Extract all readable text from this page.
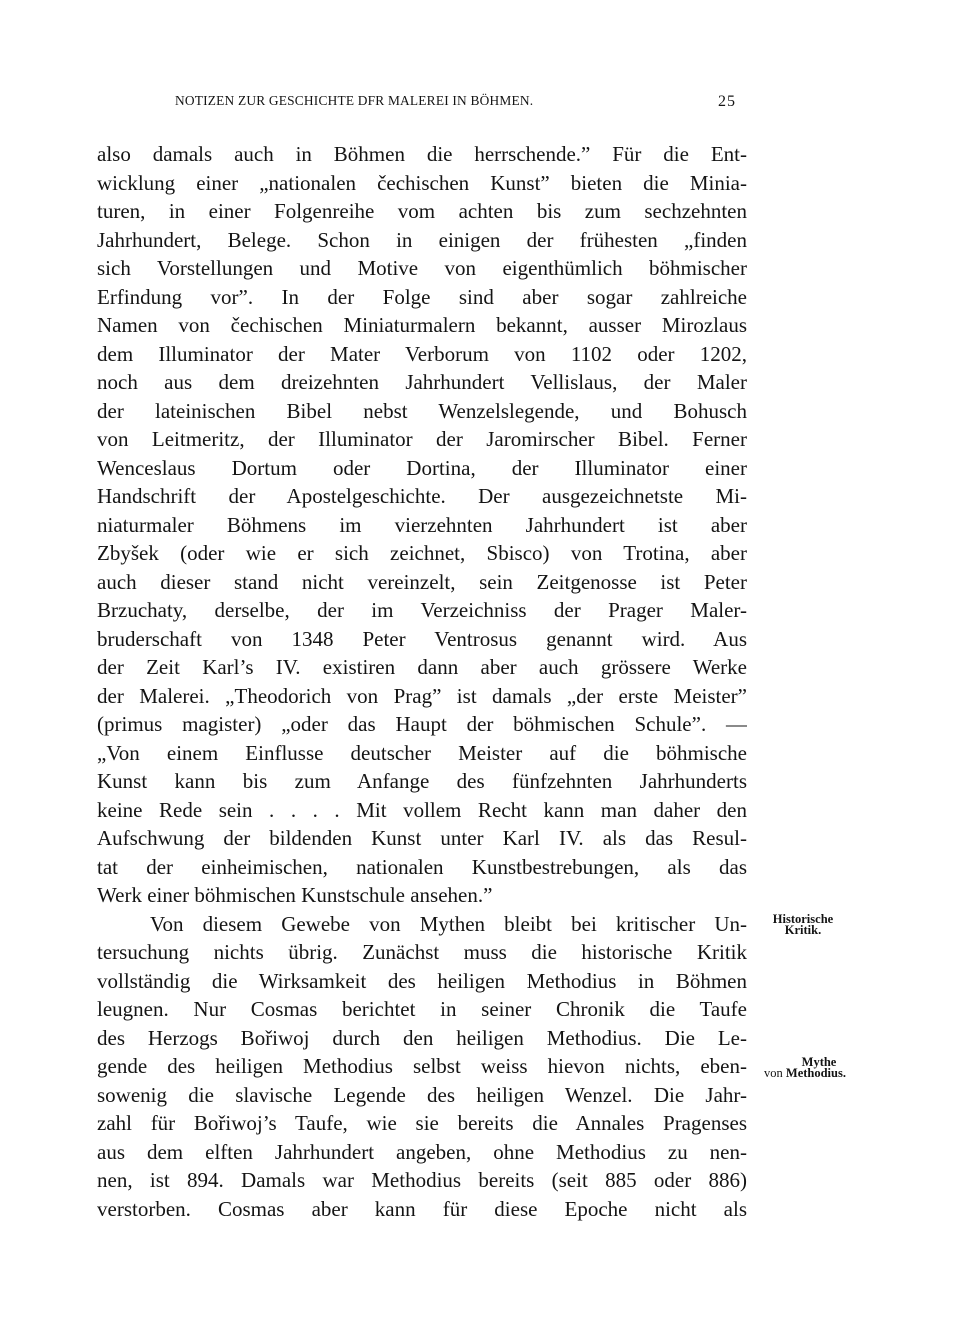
NOTIZEN ZUR GESCHICHTE DFR MALEREI IN BÖHMEN.	25
also damals auch in Böhmen die herrschende.” Für die Ent-
wicklung einer „nationalen čechischen Kunst” bieten die Minia-
turen, in einer Folgenreihe vom achten bis zum sechzehnten
Jahrhundert, Belege. Schon in einigen der frühesten „finden
sich Vorstellungen und Motive von eigenthümlich böhmischer
Erfindung vor”. In der Folge sind aber sogar zahlreiche
Namen von čechischen Miniaturmalern bekannt, ausser Mirozlaus
dem Illuminator der Mater Verborum von 1102 oder 1202,
noch aus dem dreizehnten Jahrhundert Vellislaus, der Maler
der lateinischen Bibel nebst Wenzelslegende, und Bohusch
von Leitmeritz, der Illuminator der Jaromirscher Bibel. Ferner
Wenceslaus Dortum oder Dortina, der Illuminator einer
Handschrift der Apostelgeschichte. Der ausgezeichnetste Mi-
niaturmaler Böhmens im vierzehnten Jahrhundert ist aber
Zbyšek (oder wie er sich zeichnet, Sbisco) von Trotina, aber
auch dieser stand nicht vereinzelt, sein Zeitgenosse ist Peter
Brzuchaty, derselbe, der im Verzeichniss der Prager Maler-
bruderschaft von 1348 Peter Ventrosus genannt wird. Aus
der Zeit Karl’s IV. existiren dann aber auch grössere Werke
der Malerei. „Theodorich von Prag” ist damals „der erste Meister”
(primus magister) „oder das Haupt der böhmischen Schule”. —
„Von einem Einflusse deutscher Meister auf die böhmische
Kunst kann bis zum Anfange des fünfzehnten Jahrhunderts
keine Rede sein . . . . Mit vollem Recht kann man daher den
Aufschwung der bildenden Kunst unter Karl IV. als das Resul-
tat der einheimischen, nationalen Kunstbestrebungen, als das
Werk einer böhmischen Kunstschule ansehen.”
Von diesem Gewebe von Mythen bleibt bei kritischer Un-
tersuchung nichts übrig. Zunächst muss die historische Kritik
vollständig die Wirksamkeit des heiligen Methodius in Böhmen
leugnen. Nur Cosmas berichtet in seiner Chronik die Taufe
des Herzogs Bořiwoj durch den heiligen Methodius. Die Le-
gende des heiligen Methodius selbst weiss hievon nichts, eben-
sowenig die slavische Legende des heiligen Wenzel. Die Jahr-
zahl für Bořiwoj’s Taufe, wie sie bereits die Annales Pragenses
aus dem elften Jahrhundert angeben, ohne Methodius zu nen-
nen, ist 894. Damals war Methodius bereits (seit 885 oder 886)
verstorben. Cosmas aber kann für diese Epoche nicht als
Historische
Kritik.
Mythe
von Methodius.
